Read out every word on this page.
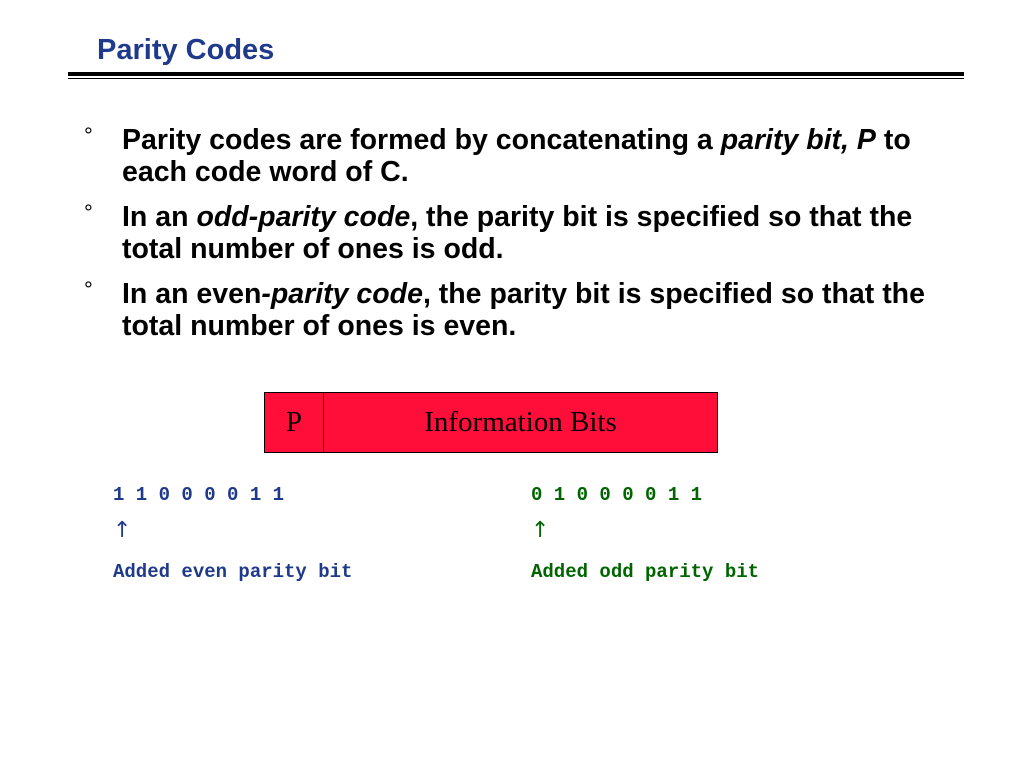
Parity Codes
° Parity codes are formed by concatenating a parity bit, P to each code word of C.
° In an odd-parity code, the parity bit is specified so that the total number of ones is odd.
° In an even-parity code, the parity bit is specified so that the total number of ones is even.
P	Information Bits
1 1 0 0 0 0 1 1
↑
Added even parity bit
0 1 0 0 0 0 1 1
↑
Added odd parity bit
